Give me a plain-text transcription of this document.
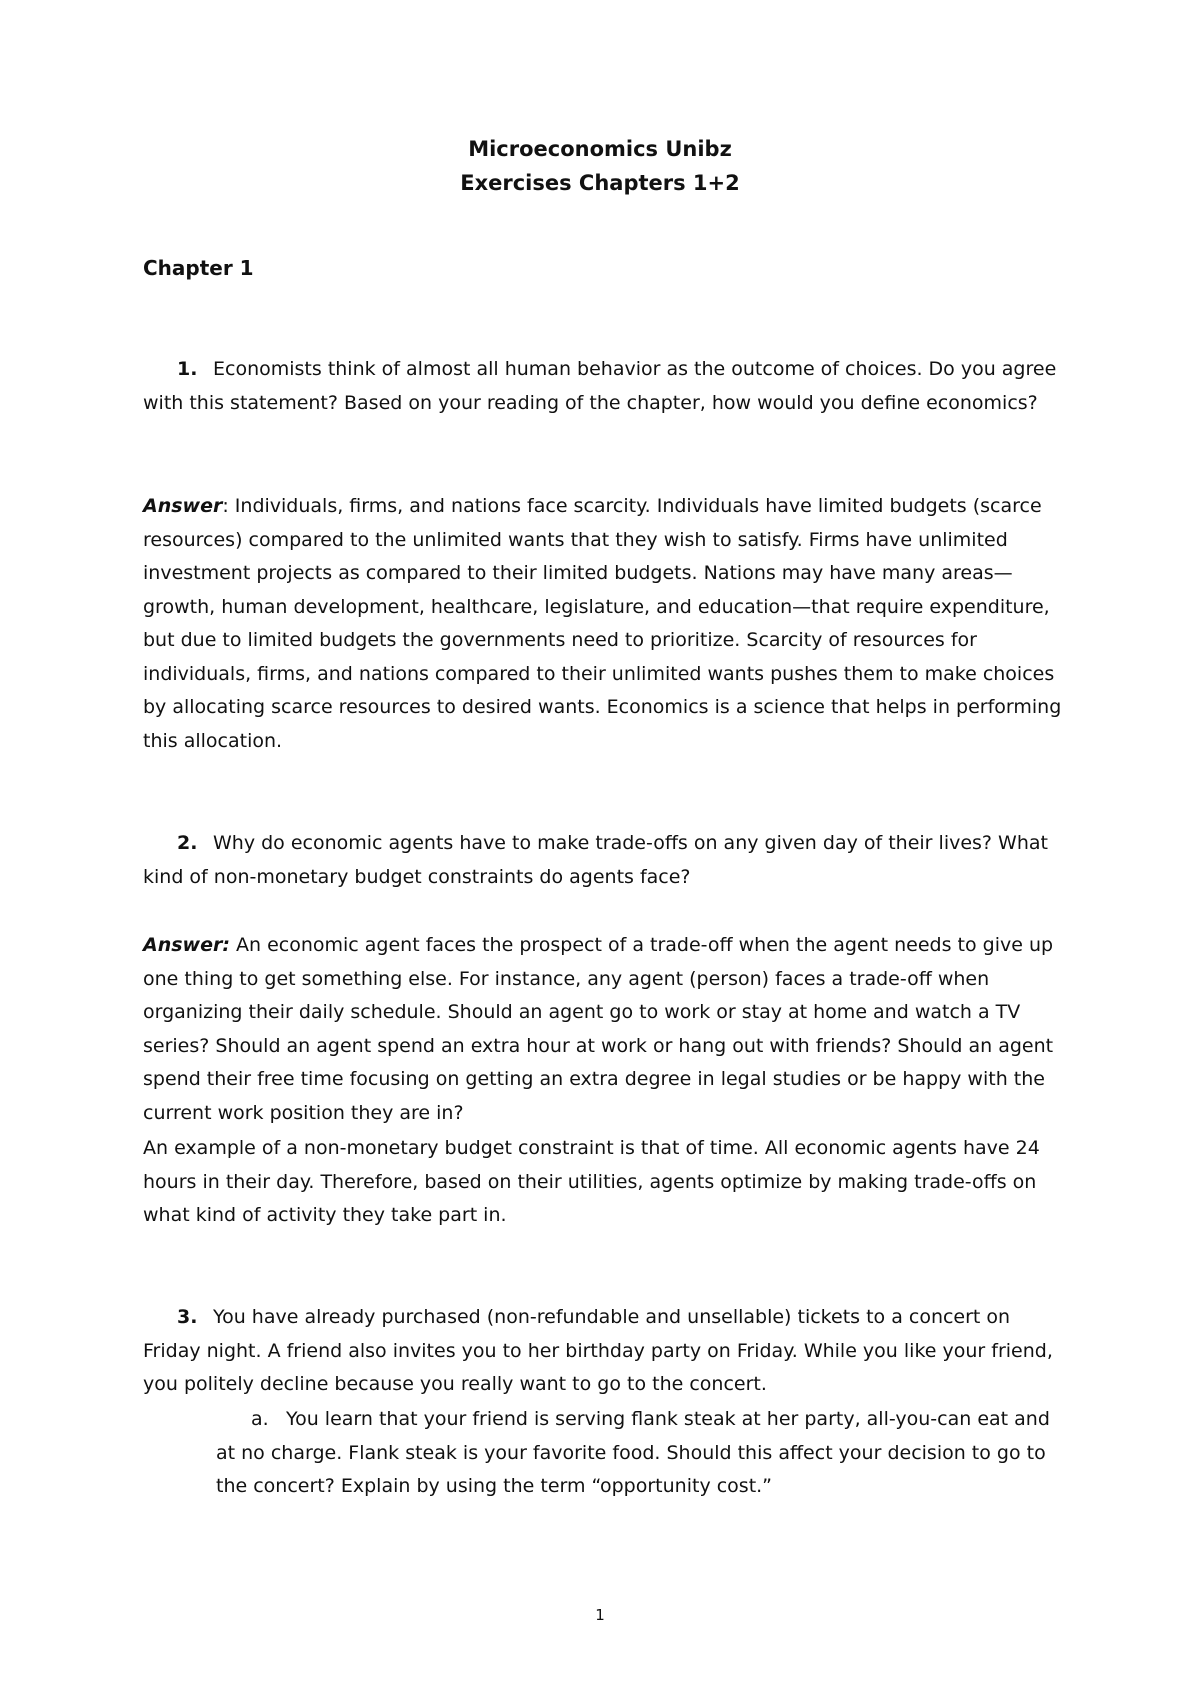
Microeconomics Unibz
Exercises Chapters 1+2
Chapter 1
1. Economists think of almost all human behavior as the outcome of choices. Do you agree with this statement? Based on your reading of the chapter, how would you define economics?
Answer: Individuals, firms, and nations face scarcity. Individuals have limited budgets (scarce resources) compared to the unlimited wants that they wish to satisfy. Firms have unlimited investment projects as compared to their limited budgets. Nations may have many areas—growth, human development, healthcare, legislature, and education—that require expenditure, but due to limited budgets the governments need to prioritize. Scarcity of resources for individuals, firms, and nations compared to their unlimited wants pushes them to make choices by allocating scarce resources to desired wants. Economics is a science that helps in performing this allocation.
2. Why do economic agents have to make trade-offs on any given day of their lives? What kind of non-monetary budget constraints do agents face?
Answer: An economic agent faces the prospect of a trade-off when the agent needs to give up one thing to get something else. For instance, any agent (person) faces a trade-off when organizing their daily schedule. Should an agent go to work or stay at home and watch a TV series? Should an agent spend an extra hour at work or hang out with friends? Should an agent spend their free time focusing on getting an extra degree in legal studies or be happy with the current work position they are in?
An example of a non-monetary budget constraint is that of time. All economic agents have 24 hours in their day. Therefore, based on their utilities, agents optimize by making trade-offs on what kind of activity they take part in.
3. You have already purchased (non-refundable and unsellable) tickets to a concert on Friday night. A friend also invites you to her birthday party on Friday. While you like your friend, you politely decline because you really want to go to the concert.
a. You learn that your friend is serving flank steak at her party, all-you-can eat and at no charge. Flank steak is your favorite food. Should this affect your decision to go to the concert? Explain by using the term “opportunity cost.”
1
